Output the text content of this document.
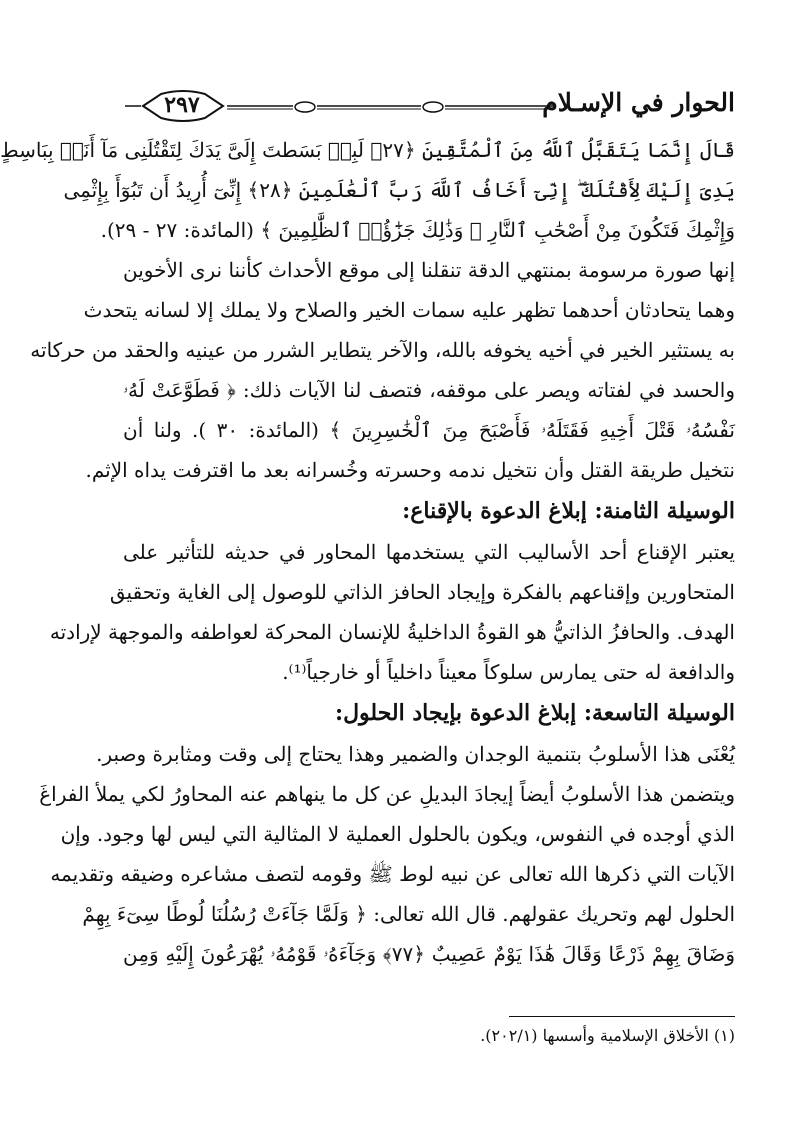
الحوار في الإسـلام
٢٩٧
قَالَ إِنَّمَا يَتَقَبَّلُ ٱللَّهُ مِنَ ٱلْمُتَّقِينَ ﴿٢٧﴾ لَبِنۢ بَسَطتَ إِلَىَّ يَدَكَ لِتَقْتُلَنِى مَآ أَنَا۠ بِبَاسِطٍ
يَدِىَ إِلَيْكَ لِأَقْتُلَكَ ۖ إِنِّىٓ أَخَافُ ٱللَّهَ رَبَّ ٱلْعَٰلَمِينَ ﴿٢٨﴾ إِنِّىٓ أُرِيدُ أَن تَبُوٓأَ بِإِثْمِى
وَإِثْمِكَ فَتَكُونَ مِنْ أَصْحَٰبِ ٱلنَّارِ ۚ وَذَٰلِكَ جَزَٰٓؤُا۟ ٱلظَّٰلِمِينَ ﴾ (المائدة: ٢٧ - ٢٩).
إنها صورة مرسومة بمنتهي الدقة تنقلنا إلى موقع الأحداث كأننا نرى الأخوين
وهما يتحادثان أحدهما تظهر عليه سمات الخير والصلاح ولا يملك إلا لسانه يتحدث
به يستثير الخير في أخيه يخوفه بالله، والآخر يتطاير الشرر من عينيه والحقد من حركاته
والحسد في لفتاته ويصر على موقفه، فتصف لنا الآيات ذلك: ﴿ فَطَوَّعَتْ لَهُۥ
نَفْسُهُۥ قَتْلَ أَخِيهِ فَقَتَلَهُۥ فَأَصْبَحَ مِنَ ٱلْخَٰسِرِينَ ﴾ (المائدة: ٣٠ ). ولنا أن
نتخيل طريقة القتل وأن نتخيل ندمه وحسرته وخُسرانه بعد ما اقترفت يداه الإثم.
الوسيلة الثامنة: إبلاغ الدعوة بالإقناع:
يعتبر الإقناع أحد الأساليب التي يستخدمها المحاور في حديثه للتأثير على
المتحاورين وإقناعهم بالفكرة وإيجاد الحافز الذاتي للوصول إلى الغاية وتحقيق
الهدف. والحافزُ الذاتيُّ هو القوةُ الداخليةُ للإنسان المحركة لعواطفه والموجهة لإرادته
والدافعة له حتى يمارس سلوكاً معيناً داخلياً أو خارجياً⁽¹⁾.
الوسيلة التاسعة: إبلاغ الدعوة بإيجاد الحلول:
يُعْنَى هذا الأسلوبُ بتنمية الوجدان والضمير وهذا يحتاج إلى وقت ومثابرة وصبر.
ويتضمن هذا الأسلوبُ أيضاً إيجادَ البديلِ عن كل ما ينهاهم عنه المحاورُ لكي يملأ الفراغَ
الذي أوجده في النفوس، ويكون بالحلول العملية لا المثالية التي ليس لها وجود. وإن
الآيات التي ذكرها الله تعالى عن نبيه لوط ﷺ وقومه لتصف مشاعره وضيقه وتقديمه
الحلول لهم وتحريك عقولهم. قال الله تعالى: ﴿ وَلَمَّا جَآءَتْ رُسُلُنَا لُوطًا سِىٓءَ بِهِمْ
وَضَاقَ بِهِمْ ذَرْعًا وَقَالَ هَٰذَا يَوْمٌ عَصِيبٌ ﴿٧٧﴾ وَجَآءَهُۥ قَوْمُهُۥ يُهْرَعُونَ إِلَيْهِ وَمِن
(١) الأخلاق الإسلامية وأسسها (٢٠٢/١).
